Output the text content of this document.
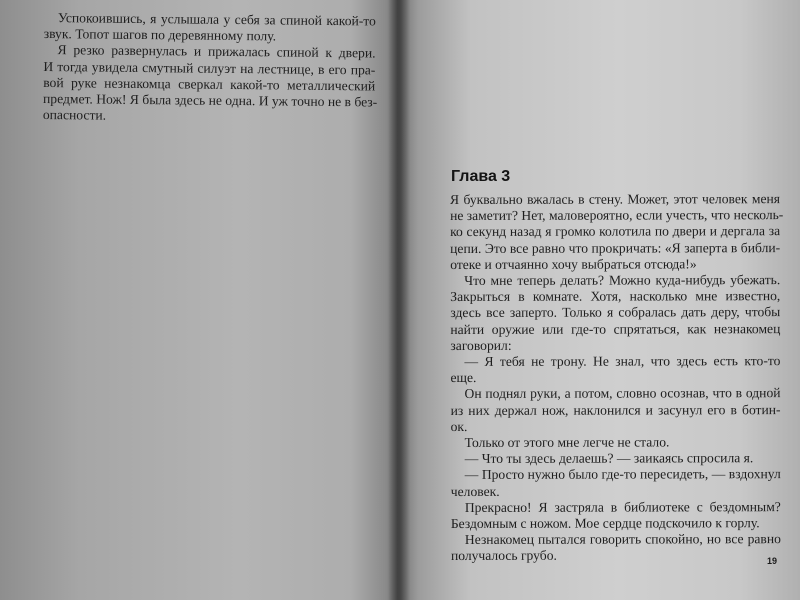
Успокоившись, я услышала у себя за спиной какой-то
звук. Топот шагов по деревянному полу.
Я резко развернулась и прижалась спиной к двери.
И тогда увидела смутный силуэт на лестнице, в его пра-
вой руке незнакомца сверкал какой-то металлический
предмет. Нож! Я была здесь не одна. И уж точно не в без-
опасности.
Глава 3
Я буквально вжалась в стену. Может, этот человек меня
не заметит? Нет, маловероятно, если учесть, что несколь-
ко секунд назад я громко колотила по двери и дергала за
цепи. Это все равно что прокричать: «Я заперта в библи-
отеке и отчаянно хочу выбраться отсюда!»
Что мне теперь делать? Можно куда-нибудь убежать.
Закрыться в комнате. Хотя, насколько мне известно,
здесь все заперто. Только я собралась дать деру, чтобы
найти оружие или где-то спрятаться, как незнакомец
заговорил:
— Я тебя не трону. Не знал, что здесь есть кто-то
еще.
Он поднял руки, а потом, словно осознав, что в одной
из них держал нож, наклонился и засунул его в ботин-
ок.
Только от этого мне легче не стало.
— Что ты здесь делаешь? — заикаясь спросила я.
— Просто нужно было где-то пересидеть, — вздохнул
человек.
Прекрасно! Я застряла в библиотеке с бездомным?
Бездомным с ножом. Мое сердце подскочило к горлу.
Незнакомец пытался говорить спокойно, но все равно
получалось грубо.	19
